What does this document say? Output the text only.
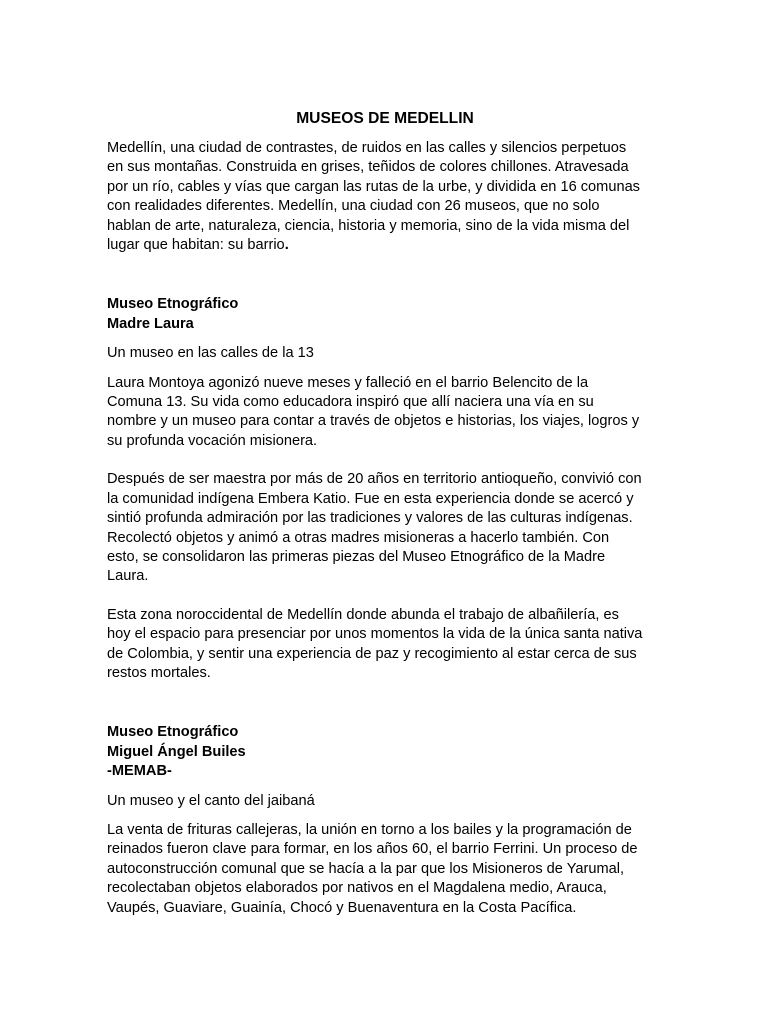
MUSEOS DE MEDELLIN

Medellín, una ciudad de contrastes, de ruidos en las calles y silencios perpetuos
en sus montañas. Construida en grises, teñidos de colores chillones. Atravesada
por un río, cables y vías que cargan las rutas de la urbe, y dividida en 16 comunas
con realidades diferentes. Medellín, una ciudad con 26 museos, que no solo
hablan de arte, naturaleza, ciencia, historia y memoria, sino de la vida misma del
lugar que habitan: su barrio.

Museo Etnográfico
Madre Laura

Un museo en las calles de la 13

Laura Montoya agonizó nueve meses y falleció en el barrio Belencito de la
Comuna 13. Su vida como educadora inspiró que allí naciera una vía en su
nombre y un museo para contar a través de objetos e historias, los viajes, logros y
su profunda vocación misionera.

Después de ser maestra por más de 20 años en territorio antioqueño, convivió con
la comunidad indígena Embera Katio. Fue en esta experiencia donde se acercó y
sintió profunda admiración por las tradiciones y valores de las culturas indígenas.
Recolectó objetos y animó a otras madres misioneras a hacerlo también. Con
esto, se consolidaron las primeras piezas del Museo Etnográfico de la Madre
Laura.

Esta zona noroccidental de Medellín donde abunda el trabajo de albañilería, es
hoy el espacio para presenciar por unos momentos la vida de la única santa nativa
de Colombia, y sentir una experiencia de paz y recogimiento al estar cerca de sus
restos mortales.

Museo Etnográfico
Miguel Ángel Builes
-MEMAB-

Un museo y el canto del jaibaná

La venta de frituras callejeras, la unión en torno a los bailes y la programación de
reinados fueron clave para formar, en los años 60, el barrio Ferrini. Un proceso de
autoconstrucción comunal que se hacía a la par que los Misioneros de Yarumal,
recolectaban objetos elaborados por nativos en el Magdalena medio, Arauca,
Vaupés, Guaviare, Guainía, Chocó y Buenaventura en la Costa Pacífica.
